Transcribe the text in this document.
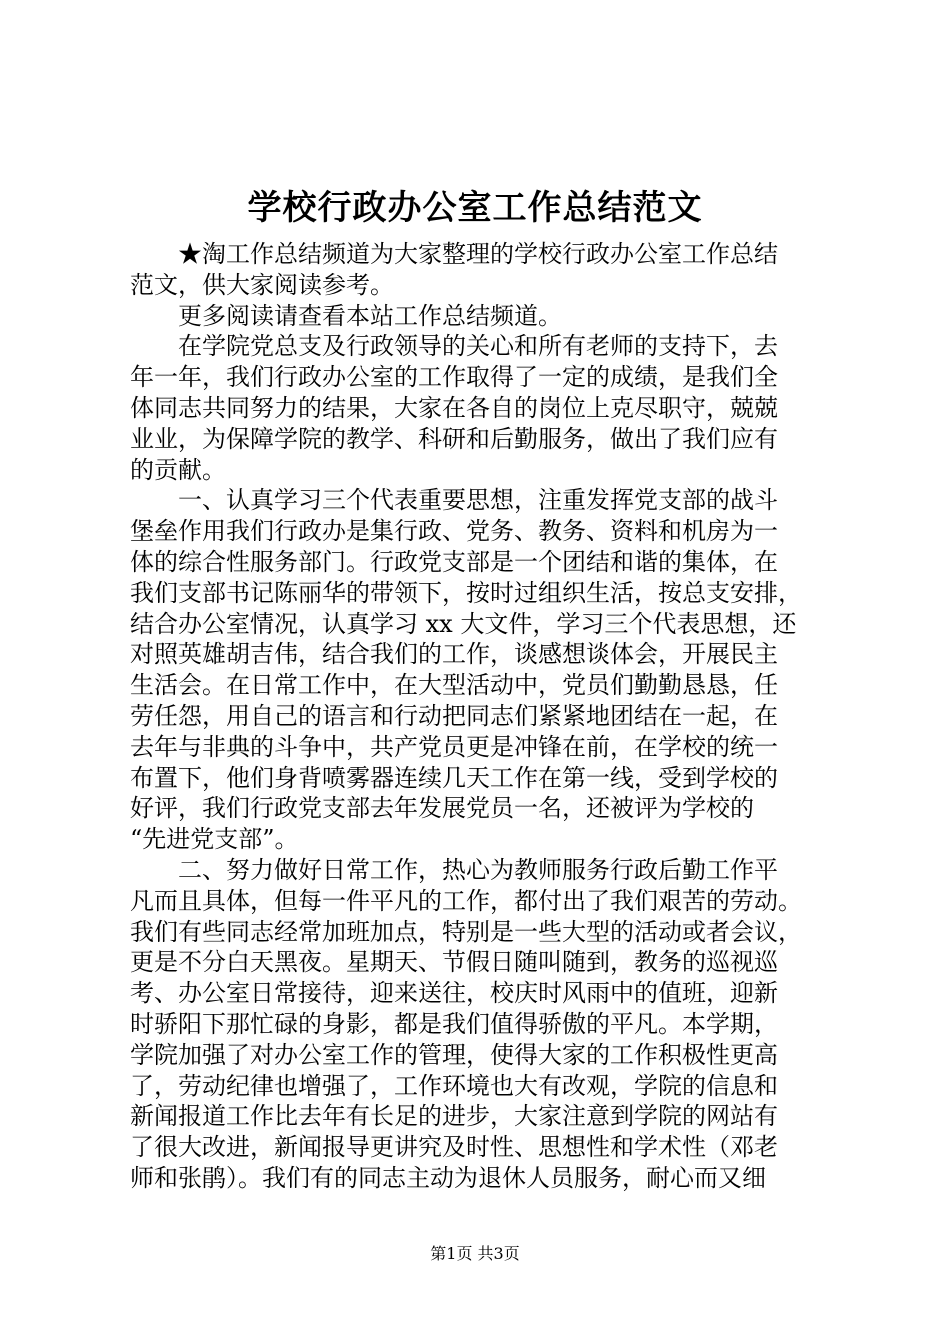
学校行政办公室工作总结范文
★淘工作总结频道为大家整理的学校行政办公室工作总结
范文，供大家阅读参考。
更多阅读请查看本站工作总结频道。
在学院党总支及行政领导的关心和所有老师的支持下，去
年一年，我们行政办公室的工作取得了一定的成绩，是我们全
体同志共同努力的结果，大家在各自的岗位上克尽职守，兢兢
业业，为保障学院的教学、科研和后勤服务，做出了我们应有
的贡献。
一、认真学习三个代表重要思想，注重发挥党支部的战斗
堡垒作用我们行政办是集行政、党务、教务、资料和机房为一
体的综合性服务部门。行政党支部是一个团结和谐的集体，在
我们支部书记陈丽华的带领下，按时过组织生活，按总支安排，
结合办公室情况，认真学习 xx 大文件，学习三个代表思想，还
对照英雄胡吉伟，结合我们的工作，谈感想谈体会，开展民主
生活会。在日常工作中，在大型活动中，党员们勤勤恳恳，任
劳任怨，用自己的语言和行动把同志们紧紧地团结在一起，在
去年与非典的斗争中，共产党员更是冲锋在前，在学校的统一
布置下，他们身背喷雾器连续几天工作在第一线，受到学校的
好评，我们行政党支部去年发展党员一名，还被评为学校的
“先进党支部”。
二、努力做好日常工作，热心为教师服务行政后勤工作平
凡而且具体，但每一件平凡的工作，都付出了我们艰苦的劳动。
我们有些同志经常加班加点，特别是一些大型的活动或者会议，
更是不分白天黑夜。星期天、节假日随叫随到，教务的巡视巡
考、办公室日常接待，迎来送往，校庆时风雨中的值班，迎新
时骄阳下那忙碌的身影，都是我们值得骄傲的平凡。本学期，
学院加强了对办公室工作的管理，使得大家的工作积极性更高
了，劳动纪律也增强了，工作环境也大有改观，学院的信息和
新闻报道工作比去年有长足的进步，大家注意到学院的网站有
了很大改进，新闻报导更讲究及时性、思想性和学术性（邓老
师和张鹃）。我们有的同志主动为退休人员服务，耐心而又细
第1页 共3页
